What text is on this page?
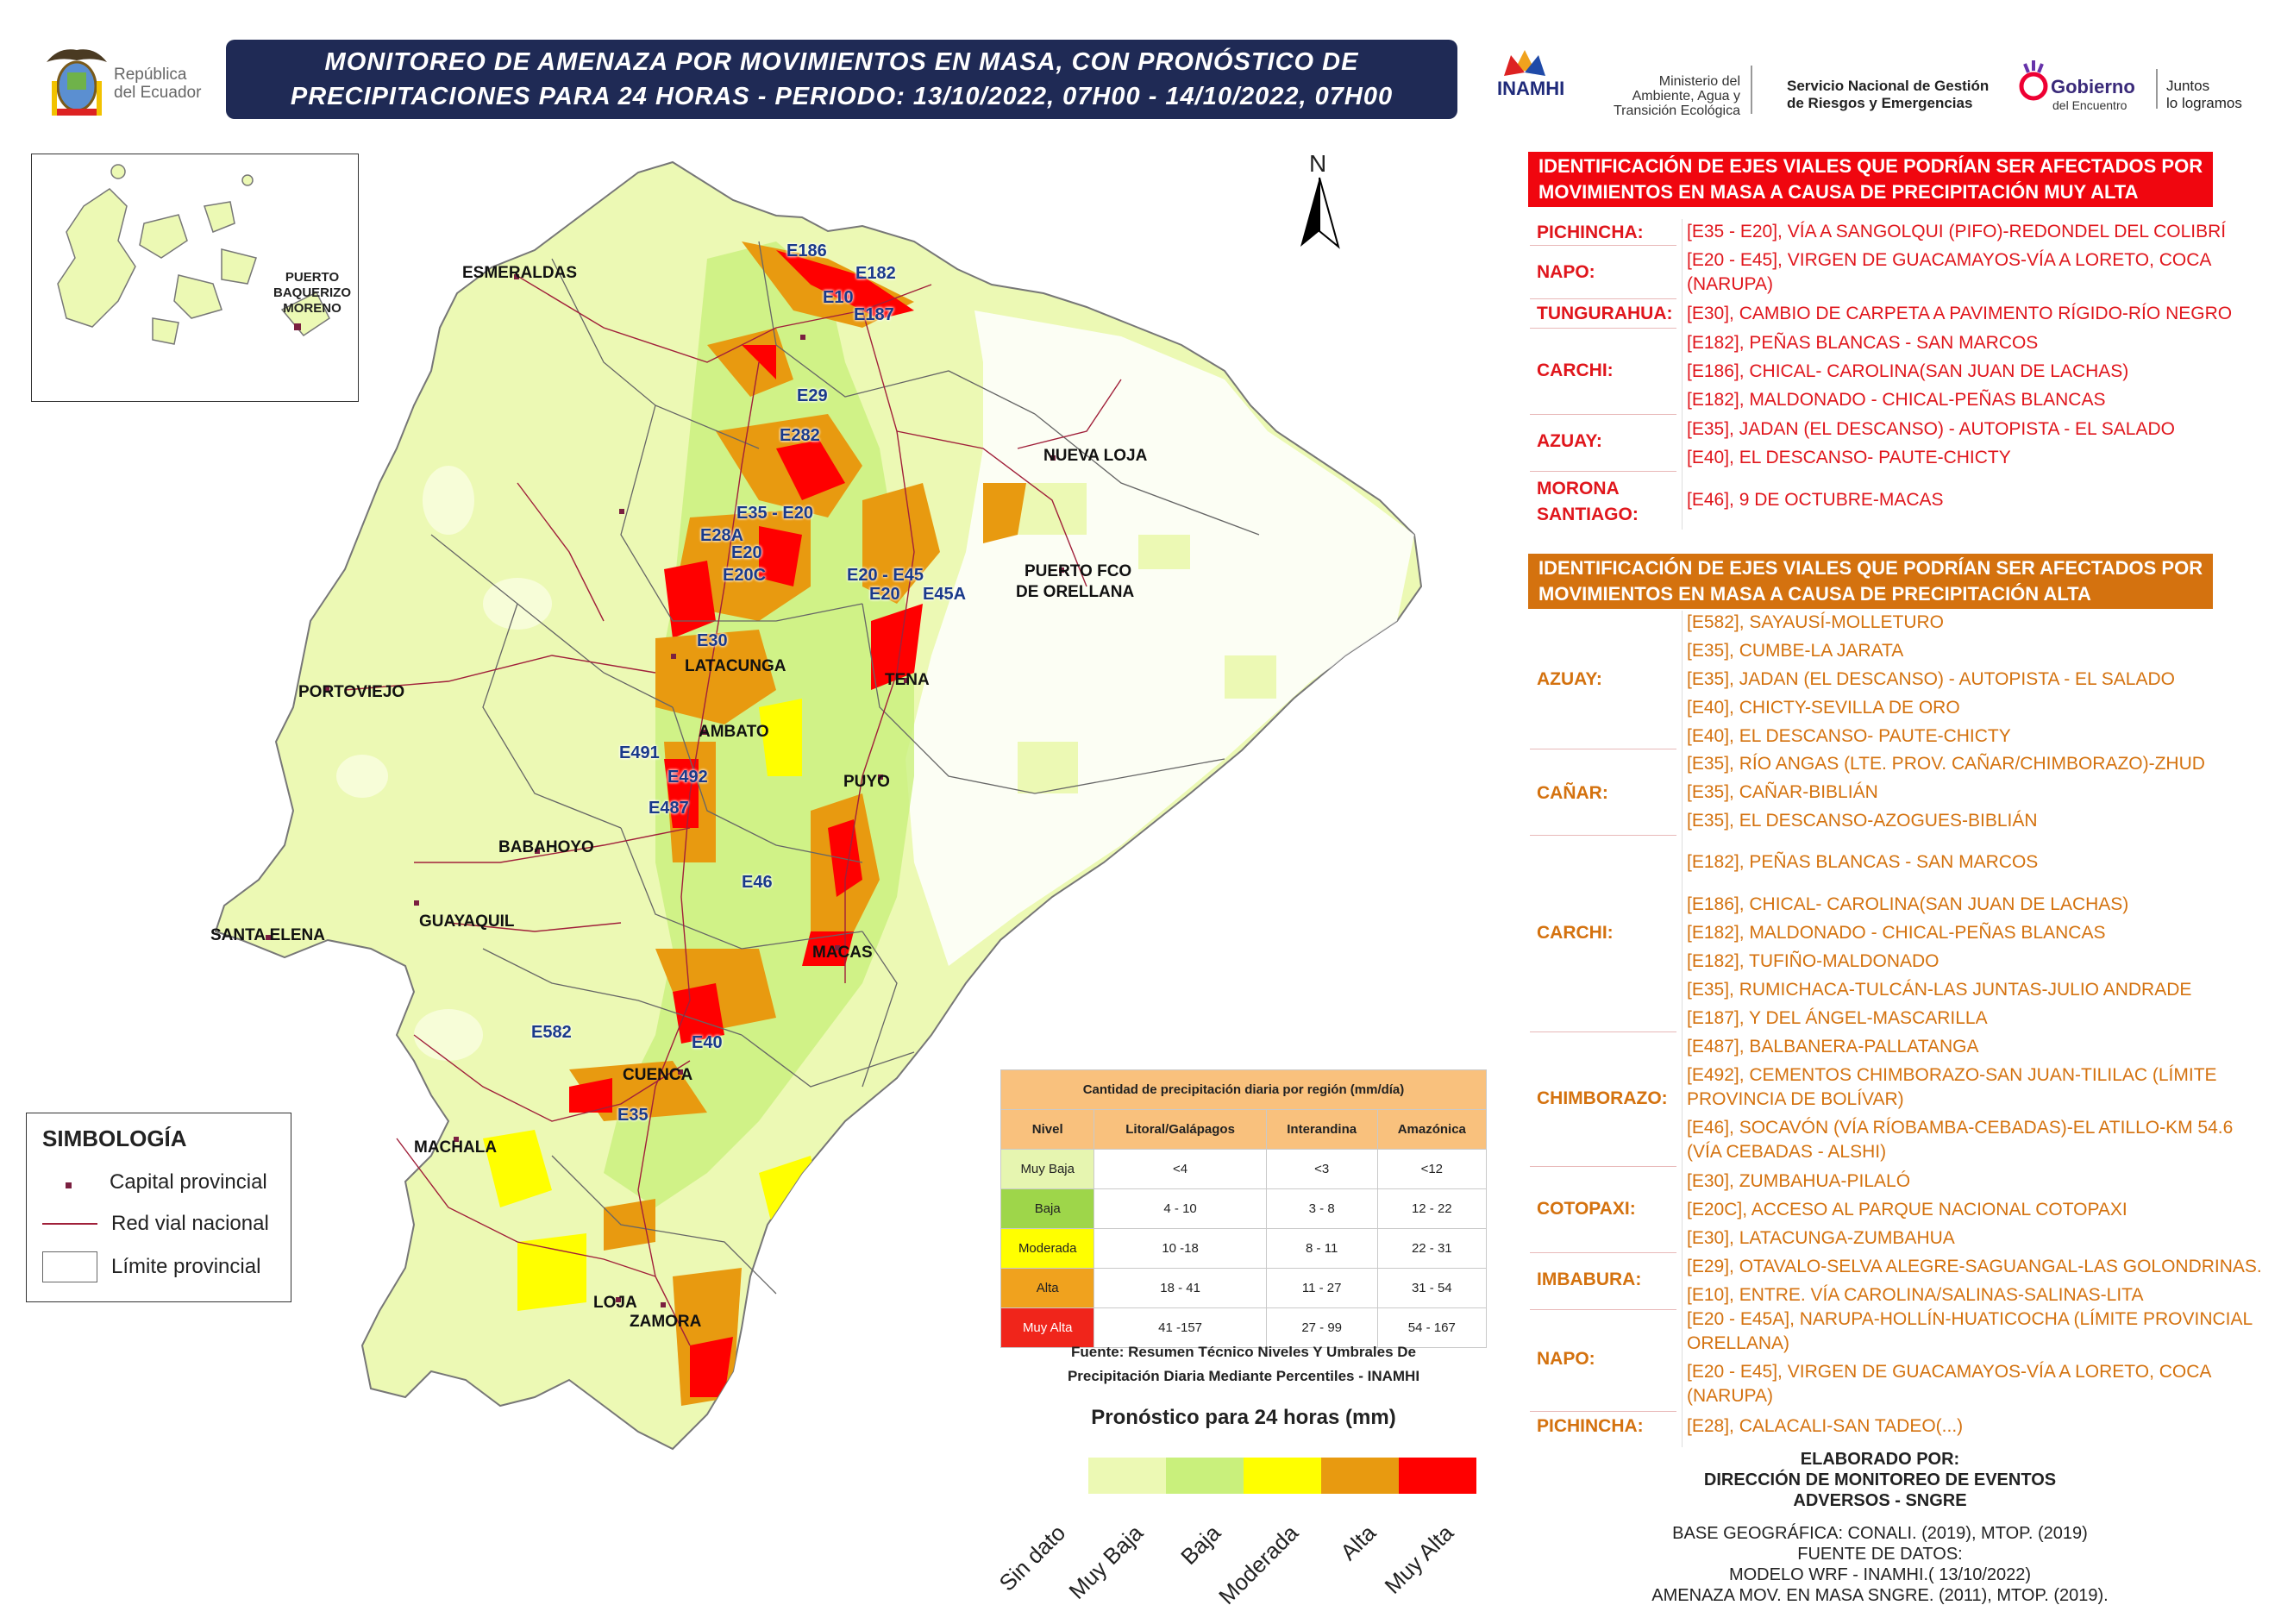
República
del Ecuador
MONITOREO DE AMENAZA POR MOVIMIENTOS EN MASA, CON PRONÓSTICO DE
PRECIPITACIONES PARA 24 HORAS - PERIODO: 13/10/2022, 07H00 - 14/10/2022, 07H00	INAMHI	Ministerio del
Ambiente, Agua y
Transición Ecológica
Servicio Nacional de Gestión
de Riesgos y Emergencias
Gobierno
del Encuentro
Juntos
lo logramos
N
ESMERALDAS
NUEVA LOJA
PUERTO FCO
DE ORELLANA
PORTOVIEJO
LATACUNGA
AMBATO
TENA
PUYO
BABAHOYO
SANTA ELENA
GUAYAQUIL
MACAS
CUENCA
MACHALA
LOJA
ZAMORA
E186
E182
E10
E187
E29
E282
E35 - E20
E28A
E20
E20C	E20 - E45
E20 E45A
E30
E491
E492
E487
E46
E582
E40
E35
PUERTO
BAQUERIZO
MORENO
SIMBOLOGÍA
Capital provincial
Red vial nacional
Límite provincial
Cantidad de precipitación diaria por región (mm/día)			
Nivel	Litoral/Galápagos	Interandina	Amazónica
Muy Baja	<4	<3	<12
Baja	4 - 10	3 - 8	12 - 22
Moderada	10 -18	8 - 11	22 - 31
Alta	18 - 41	11 - 27	31 - 54
Muy Alta	41 -157	27 - 99	54 - 167
Fuente: Resumen Técnico Niveles Y Umbrales De
Precipitación Diaria Mediante Percentiles - INAMHI
Pronóstico para 24 horas (mm)
Sin dato
Muy Baja	Baja
Moderada	Alta
Muy Alta
IDENTIFICACIÓN DE EJES VIALES QUE PODRÍAN SER AFECTADOS POR
MOVIMIENTOS EN MASA A CAUSA DE PRECIPITACIÓN MUY ALTA
PICHINCHA: [E35 - E20], VÍA A SANGOLQUI (PIFO)-REDONDEL DEL COLIBRÍ
NAPO:
[E20 - E45], VIRGEN DE GUACAMAYOS-VÍA A LORETO, COCA
(NARUPA)
TUNGURAHUA: [E30], CAMBIO DE CARPETA A PAVIMENTO RÍGIDO-RÍO NEGRO
CARCHI:
[E182], PEÑAS BLANCAS - SAN MARCOS
[E186], CHICAL- CAROLINA(SAN JUAN DE LACHAS)
[E182], MALDONADO - CHICAL-PEÑAS BLANCAS
AZUAY:
[E35], JADAN (EL DESCANSO) - AUTOPISTA - EL SALADO
[E40], EL DESCANSO- PAUTE-CHICTY
MORONA
SANTIAGO:
[E46], 9 DE OCTUBRE-MACAS
IDENTIFICACIÓN DE EJES VIALES QUE PODRÍAN SER AFECTADOS POR
MOVIMIENTOS EN MASA A CAUSA DE PRECIPITACIÓN ALTA
AZUAY:
[E582], SAYAUSÍ-MOLLETURO
[E35], CUMBE-LA JARATA
[E35], JADAN (EL DESCANSO) - AUTOPISTA - EL SALADO
[E40], CHICTY-SEVILLA DE ORO
[E40], EL DESCANSO- PAUTE-CHICTY
CAÑAR:
[E35], RÍO ANGAS (LTE. PROV. CAÑAR/CHIMBORAZO)-ZHUD
[E35], CAÑAR-BIBLIÁN
[E35], EL DESCANSO-AZOGUES-BIBLIÁN
CARCHI:
[E182], PEÑAS BLANCAS - SAN MARCOS
[E186], CHICAL- CAROLINA(SAN JUAN DE LACHAS)
[E182], MALDONADO - CHICAL-PEÑAS BLANCAS
[E182], TUFIÑO-MALDONADO
[E35], RUMICHACA-TULCÁN-LAS JUNTAS-JULIO ANDRADE
[E187], Y DEL ÁNGEL-MASCARILLA
CHIMBORAZO:
[E487], BALBANERA-PALLATANGA
[E492], CEMENTOS CHIMBORAZO-SAN JUAN-TILILAC (LÍMITE
PROVINCIA DE BOLÍVAR)
[E46], SOCAVÓN (VÍA RÍOBAMBA-CEBADAS)-EL ATILLO-KM 54.6
(VÍA CEBADAS - ALSHI)
COTOPAXI:
[E30], ZUMBAHUA-PILALÓ
[E20C], ACCESO AL PARQUE NACIONAL COTOPAXI
[E30], LATACUNGA-ZUMBAHUA
IMBABURA:
[E29], OTAVALO-SELVA ALEGRE-SAGUANGAL-LAS GOLONDRINAS.
[E10], ENTRE. VÍA CAROLINA/SALINAS-SALINAS-LITA
NAPO:
[E20 - E45A], NARUPA-HOLLÍN-HUATICOCHA (LÍMITE PROVINCIAL
ORELLANA)
[E20 - E45], VIRGEN DE GUACAMAYOS-VÍA A LORETO, COCA
(NARUPA)
PICHINCHA: [E28], CALACALI-SAN TADEO(...)
ELABORADO POR:
DIRECCIÓN DE MONITOREO DE EVENTOS
ADVERSOS - SNGRE
BASE GEOGRÁFICA: CONALI. (2019), MTOP. (2019)
FUENTE DE DATOS:
MODELO WRF - INAMHI.( 13/10/2022)
AMENAZA MOV. EN MASA SNGRE. (2011), MTOP. (2019).
